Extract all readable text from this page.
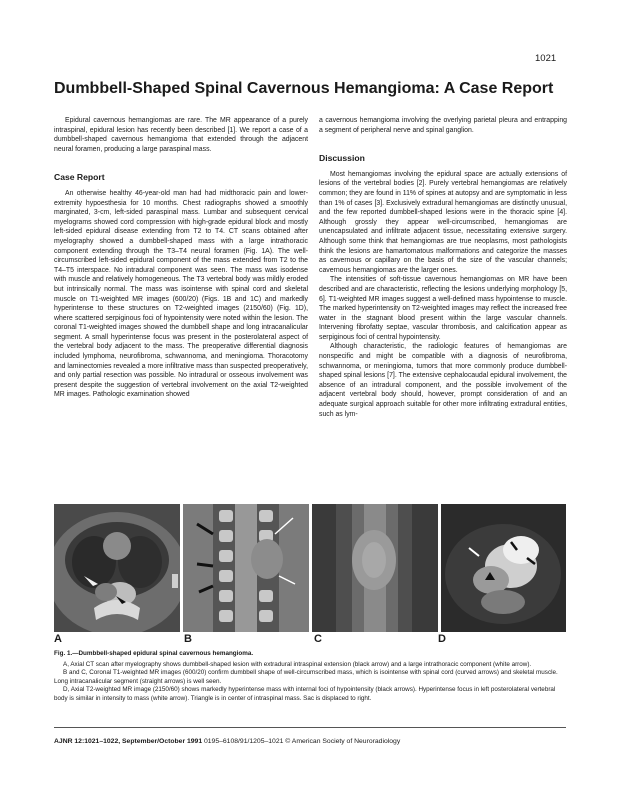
1021
Dumbbell-Shaped Spinal Cavernous Hemangioma: A Case Report

Epidural cavernous hemangiomas are rare. The MR appearance of a purely intraspinal, epidural lesion has recently been described [1]. We report a case of a dumbbell-shaped cavernous hemangioma that extended through the adjacent neural foramen, producing a large paraspinal mass.

Case Report

An otherwise healthy 46-year-old man had had midthoracic pain and lower-extremity hypoesthesia for 10 months. Chest radiographs showed a smoothly marginated, 3-cm, left-sided paraspinal mass. Lumbar and subsequent cervical myelograms showed cord compression with high-grade epidural block and mostly left-sided epidural disease extending from T2 to T4. CT scans obtained after myelography showed a dumbbell-shaped mass with a large intrathoracic component extending through the T3–T4 neural foramen (Fig. 1A). The well-circumscribed left-sided epidural component of the mass extended from T2 to the T4–T5 interspace. No intradural component was seen. The mass was isodense with muscle and relatively homogeneous. The T3 vertebral body was mildly eroded but intrinsically normal. The mass was isointense with spinal cord and skeletal muscle on T1-weighted MR images (600/20) (Figs. 1B and 1C) and markedly hyperintense to these structures on T2-weighted images (2150/60) (Fig. 1D), where scattered serpiginous foci of hypointensity were noted within the lesion. The coronal T1-weighted images showed the dumbbell shape and long intracanalicular segment. A small hyperintense focus was present in the posterolateral aspect of the vertebral body adjacent to the mass. The preoperative differential diagnosis included lymphoma, neurofibroma, schwannoma, and meningioma. Thoracotomy and laminectomies revealed a more infiltrative mass than suspected preoperatively, and only partial resection was possible. No intradural or osseous involvement was present despite the suggestion of vertebral involvement on the axial T2-weighted MR images. Pathologic examination showed

a cavernous hemangioma involving the overlying parietal pleura and entrapping a segment of peripheral nerve and spinal ganglion.

Discussion

Most hemangiomas involving the epidural space are actually extensions of lesions of the vertebral bodies [2]. Purely vertebral hemangiomas are relatively common; they are found in 11% of spines at autopsy and are symptomatic in less than 1% of cases [3]. Exclusively extradural hemangiomas are distinctly unusual, and the few reported dumbbell-shaped lesions were in the thoracic spine [4]. Although grossly they appear well-circumscribed, hemangiomas are unencapsulated and infiltrate adjacent tissue, necessitating extensive surgery. Although some think that hemangiomas are true neoplasms, most pathologists think the lesions are hamartomatous malformations and categorize the masses as cavernous or capillary on the basis of the size of the vascular channels; cavernous hemangiomas are the larger ones.

The intensities of soft-tissue cavernous hemangiomas on MR have been described and are characteristic, reflecting the lesions underlying morphology [5, 6]. T1-weighted MR images suggest a well-defined mass hypointense to muscle. The marked hyperintensity on T2-weighted images may reflect the increased free water in the stagnant blood present within the large vascular channels. Intervening fibrofatty septae, vascular thrombosis, and calcification appear as serpiginous foci of central hypointensity.

Although characteristic, the radiologic features of hemangiomas are nonspecific and might be compatible with a diagnosis of neurofibroma, schwannoma, or meningioma, tumors that more commonly produce dumbbell-shaped spinal lesions [7]. The extensive cephalocaudal epidural involvement, the absence of an intradural component, and the possible involvement of the adjacent vertebral body should, however, prompt consideration of and an adequate surgical approach suitable for other more infiltrating extradural entities, such as lym-

A	B	C	D

Fig. 1.—Dumbbell-shaped epidural spinal cavernous hemangioma.

A, Axial CT scan after myelography shows dumbbell-shaped lesion with extradural intraspinal extension (black arrow) and a large intrathoracic component (white arrow).

B and C, Coronal T1-weighted MR images (600/20) confirm dumbbell shape of well-circumscribed mass, which is isointense with spinal cord (curved arrows) and skeletal muscle. Long intracanalicular segment (straight arrows) is well seen.

D, Axial T2-weighted MR image (2150/60) shows markedly hyperintense mass with internal foci of hypointensity (black arrows). Hyperintense focus in left posterolateral vertebral body is similar in intensity to mass (white arrow). Triangle is in center of intraspinal mass. Sac is displaced to right.

AJNR 12:1021–1022, September/October 1991 0195–6108/91/1205–1021 © American Society of Neuroradiology
